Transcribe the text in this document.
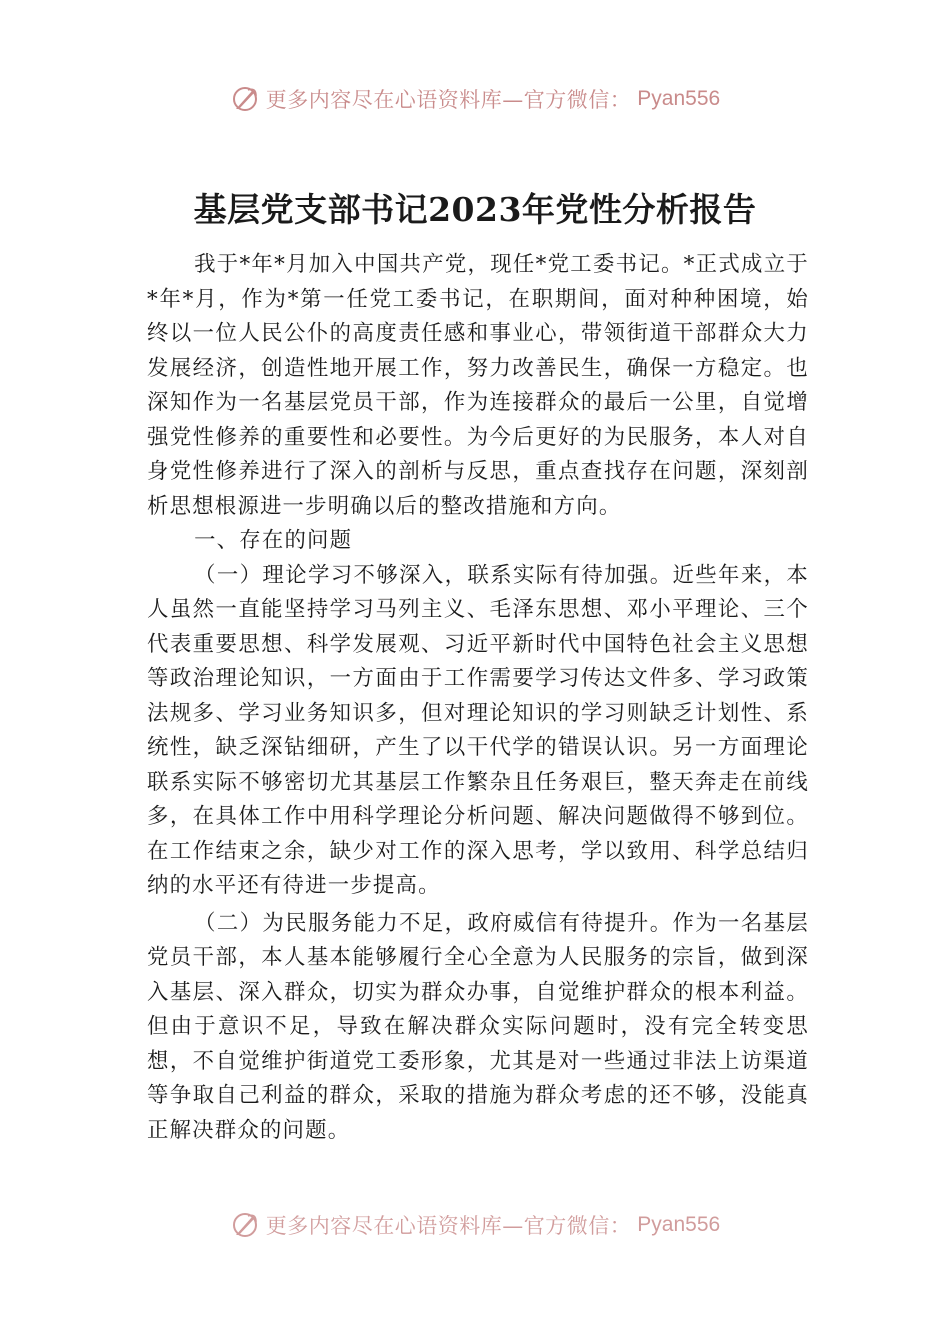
更多内容尽在心语资料库—官方微信： Pyan556
基层党支部书记2023年党性分析报告

我于*年*月加入中国共产党，现任*党工委书记。*正式成立于*年*月，作为*第一任党工委书记，在职期间，面对种种困境，始终以一位人民公仆的高度责任感和事业心，带领街道干部群众大力发展经济，创造性地开展工作，努力改善民生，确保一方稳定。也深知作为一名基层党员干部，作为连接群众的最后一公里，自觉增强党性修养的重要性和必要性。为今后更好的为民服务，本人对自身党性修养进行了深入的剖析与反思，重点查找存在问题，深刻剖析思想根源进一步明确以后的整改措施和方向。

一、存在的问题

（一）理论学习不够深入，联系实际有待加强。近些年来，本人虽然一直能坚持学习马列主义、毛泽东思想、邓小平理论、三个代表重要思想、科学发展观、习近平新时代中国特色社会主义思想等政治理论知识，一方面由于工作需要学习传达文件多、学习政策法规多、学习业务知识多，但对理论知识的学习则缺乏计划性、系统性，缺乏深钻细研，产生了以干代学的错误认识。另一方面理论联系实际不够密切尤其基层工作繁杂且任务艰巨，整天奔走在前线多，在具体工作中用科学理论分析问题、解决问题做得不够到位。在工作结束之余，缺少对工作的深入思考，学以致用、科学总结归纳的水平还有待进一步提高。

（二）为民服务能力不足，政府威信有待提升。作为一名基层党员干部，本人基本能够履行全心全意为人民服务的宗旨，做到深入基层、深入群众，切实为群众办事，自觉维护群众的根本利益。但由于意识不足，导致在解决群众实际问题时，没有完全转变思想，不自觉维护街道党工委形象，尤其是对一些通过非法上访渠道等争取自己利益的群众，采取的措施为群众考虑的还不够，没能真正解决群众的问题。

更多内容尽在心语资料库—官方微信： Pyan556
